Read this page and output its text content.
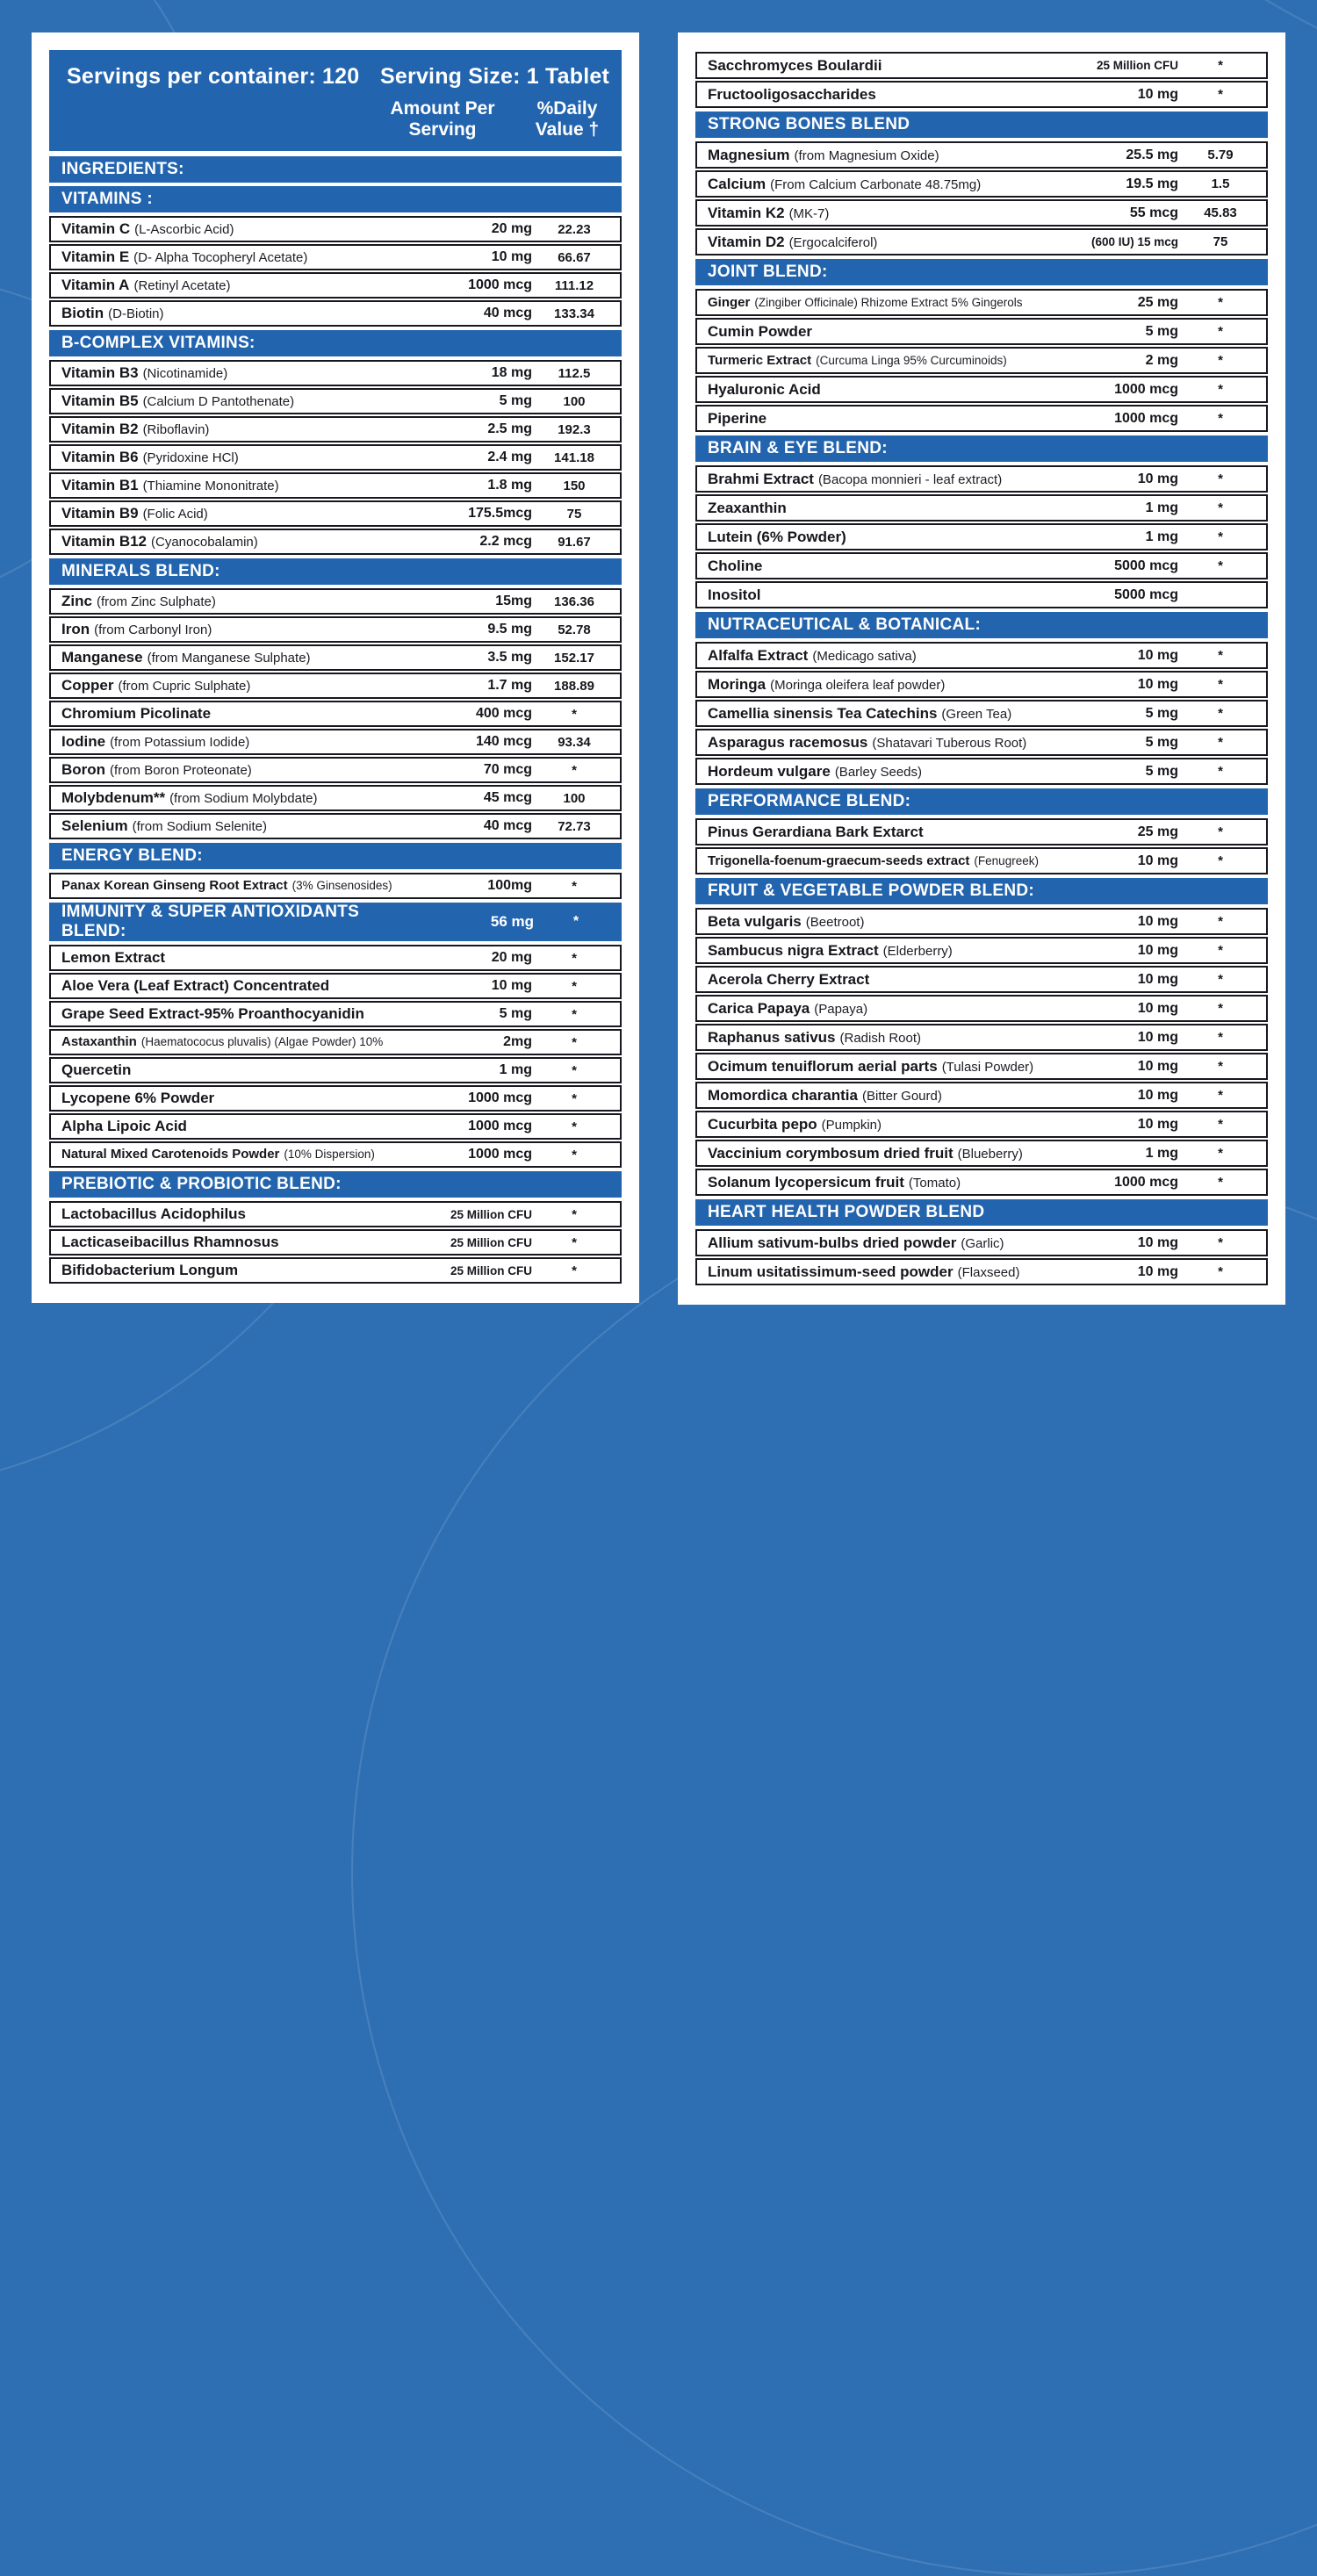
Servings per container: 120 Serving Size: 1 Tablet
Amount Per Serving
%Daily Value †
INGREDIENTS:
VITAMINS :
Vitamin C (L-Ascorbic Acid)	20 mg	22.23
Vitamin E (D- Alpha Tocopheryl Acetate)	10 mg	66.67
Vitamin A (Retinyl Acetate)	1000 mcg	111.12
Biotin (D-Biotin)	40 mcg	133.34
B-COMPLEX VITAMINS:
Vitamin B3 (Nicotinamide)	18 mg	112.5
Vitamin B5 (Calcium D Pantothenate)	5 mg	100
Vitamin B2 (Riboflavin)	2.5 mg	192.3
Vitamin B6 (Pyridoxine HCl)	2.4 mg	141.18
Vitamin B1 (Thiamine Mononitrate)	1.8 mg	150
Vitamin B9 (Folic Acid)	175.5mcg	75
Vitamin B12 (Cyanocobalamin)	2.2 mcg	91.67
MINERALS BLEND:
Zinc (from Zinc Sulphate)	15mg	136.36
Iron (from Carbonyl Iron)	9.5 mg	52.78
Manganese (from Manganese Sulphate)	3.5 mg	152.17
Copper (from Cupric Sulphate)	1.7 mg	188.89
Chromium Picolinate	400 mcg	*
Iodine (from Potassium Iodide)	140 mcg	93.34
Boron (from Boron Proteonate)	70 mcg	*
Molybdenum** (from Sodium Molybdate)	45 mcg	100
Selenium (from Sodium Selenite)	40 mcg	72.73
ENERGY BLEND:
Panax Korean Ginseng Root Extract (3% Ginsenosides)	100mg	*
IMMUNITY & SUPER ANTIOXIDANTS BLEND:
56 mg	*
Lemon Extract	20 mg	*
Aloe Vera (Leaf Extract) Concentrated	10 mg	*
Grape Seed Extract-95% Proanthocyanidin	5 mg	*
Astaxanthin (Haematococus pluvalis) (Algae Powder) 10%	2mg	*
Quercetin	1 mg	*
Lycopene 6% Powder	1000 mcg	*
Alpha Lipoic Acid	1000 mcg	*
Natural Mixed Carotenoids Powder (10% Dispersion)	1000 mcg	*
PREBIOTIC & PROBIOTIC BLEND:
Lactobacillus Acidophilus	25 Million CFU	*
Lacticaseibacillus Rhamnosus	25 Million CFU	*
Bifidobacterium Longum	25 Million CFU	*
Sacchromyces Boulardii	25 Million CFU	*
Fructooligosaccharides	10 mg	*
STRONG BONES BLEND
Magnesium (from Magnesium Oxide)	25.5 mg	5.79
Calcium (From Calcium Carbonate 48.75mg)	19.5 mg	1.5
Vitamin K2 (MK-7)	55 mcg	45.83
Vitamin D2 (Ergocalciferol)	(600 IU) 15 mcg	75
JOINT BLEND:
Ginger (Zingiber Officinale) Rhizome Extract 5% Gingerols	25 mg	*
Cumin Powder	5 mg	*
Turmeric Extract (Curcuma Linga 95% Curcuminoids)	2 mg	*
Hyaluronic Acid	1000 mcg	*
Piperine	1000 mcg	*
BRAIN & EYE BLEND:
Brahmi Extract (Bacopa monnieri - leaf extract)	10 mg	*
Zeaxanthin	1 mg	*
Lutein (6% Powder)	1 mg	*
Choline	5000 mcg	*
Inositol	5000 mcg
NUTRACEUTICAL & BOTANICAL:
Alfalfa Extract (Medicago sativa)	10 mg	*
Moringa (Moringa oleifera leaf powder)	10 mg	*
Camellia sinensis Tea Catechins (Green Tea)	5 mg	*
Asparagus racemosus (Shatavari Tuberous Root)	5 mg	*
Hordeum vulgare (Barley Seeds)	5 mg	*
PERFORMANCE BLEND:
Pinus Gerardiana Bark Extarct	25 mg	*
Trigonella-foenum-graecum-seeds extract (Fenugreek)	10 mg	*
FRUIT & VEGETABLE POWDER BLEND:
Beta vulgaris (Beetroot)	10 mg	*
Sambucus nigra Extract (Elderberry)	10 mg	*
Acerola Cherry Extract	10 mg	*
Carica Papaya (Papaya)	10 mg	*
Raphanus sativus (Radish Root)	10 mg	*
Ocimum tenuiflorum aerial parts (Tulasi Powder)	10 mg	*
Momordica charantia (Bitter Gourd)	10 mg	*
Cucurbita pepo (Pumpkin)	10 mg	*
Vaccinium corymbosum dried fruit (Blueberry)	1 mg	*
Solanum lycopersicum fruit (Tomato)	1000 mcg	*
HEART HEALTH POWDER BLEND
Allium sativum-bulbs dried powder (Garlic)	10 mg	*
Linum usitatissimum-seed powder (Flaxseed)	10 mg	*
